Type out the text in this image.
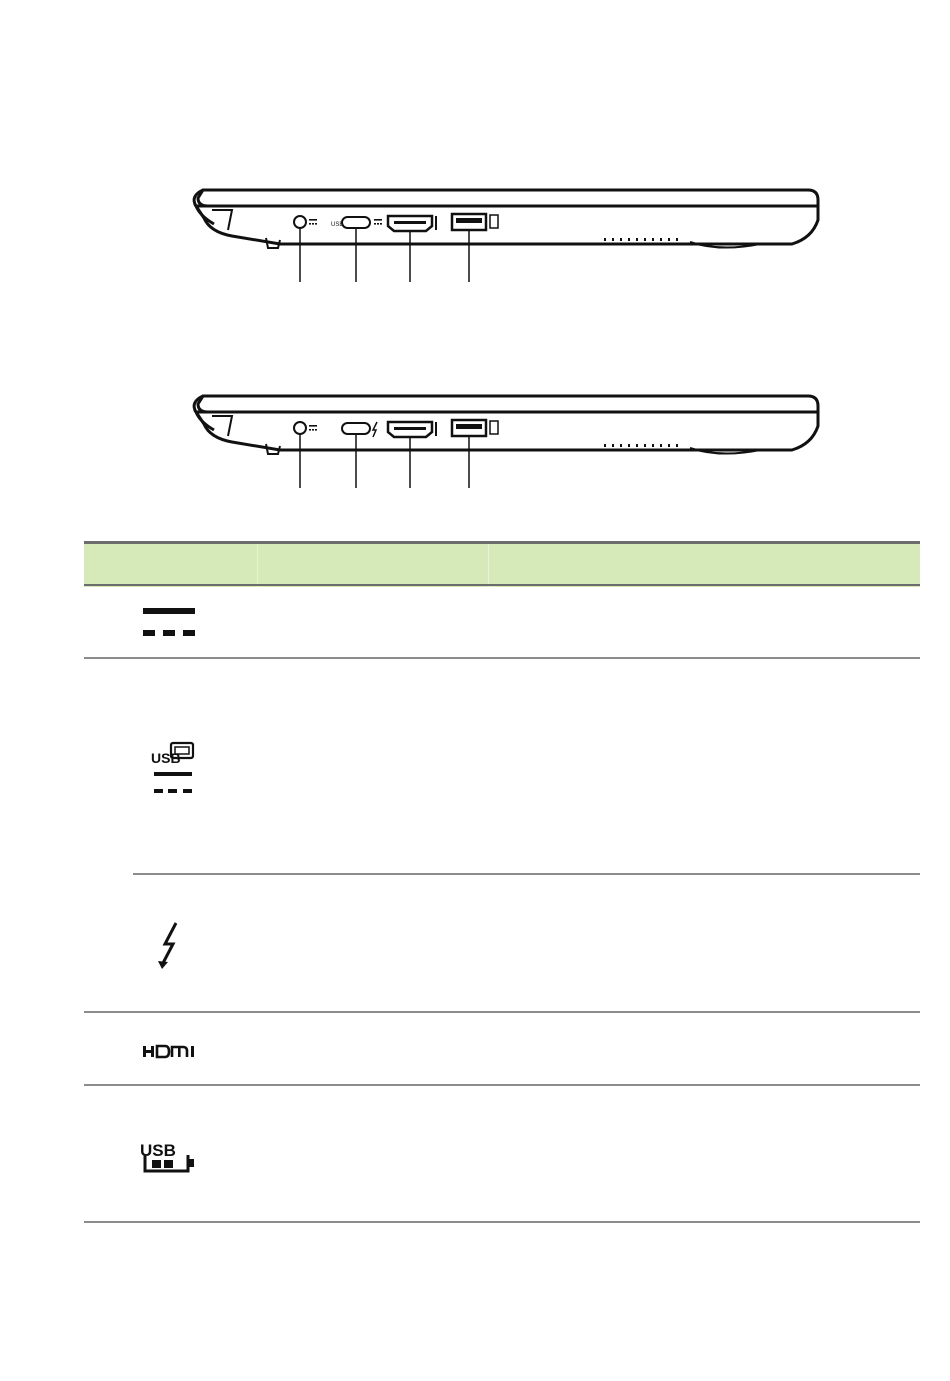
USB
USB
USB
